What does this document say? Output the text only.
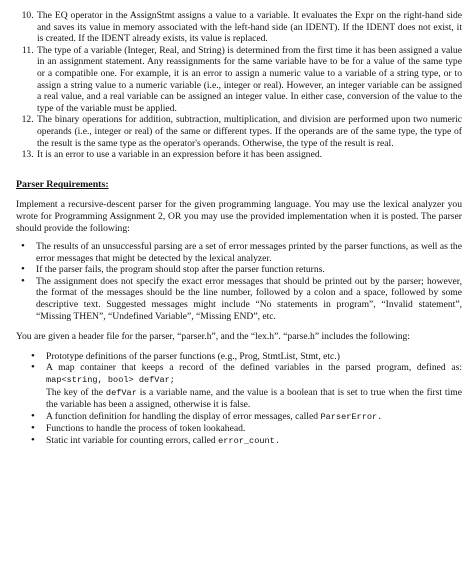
10. The EQ operator in the AssignStmt assigns a value to a variable. It evaluates the Expr on the right-hand side and saves its value in memory associated with the left-hand side (an IDENT). If the IDENT does not exist, it is created. If the IDENT already exists, its value is replaced.
11. The type of a variable (Integer, Real, and String) is determined from the first time it has been assigned a value in an assignment statement. Any reassignments for the same variable have to be for a value of the same type or a compatible one. For example, it is an error to assign a numeric value to a variable of a string type, or to assign a string value to a numeric variable (i.e., integer or real). However, an integer variable can be assigned a real value, and a real variable can be assigned an integer value. In either case, conversion of the value to the type of the variable must be applied.
12. The binary operations for addition, subtraction, multiplication, and division are performed upon two numeric operands (i.e., integer or real) of the same or different types. If the operands are of the same type, the type of the result is the same type as the operator's operands. Otherwise, the type of the result is real.
13. It is an error to use a variable in an expression before it has been assigned.
Parser Requirements:

Implement a recursive-descent parser for the given programming language. You may use the lexical analyzer you wrote for Programming Assignment 2, OR you may use the provided implementation when it is posted. The parser should provide the following:

• The results of an unsuccessful parsing are a set of error messages printed by the parser functions, as well as the error messages that might be detected by the lexical analyzer.
• If the parser fails, the program should stop after the parser function returns.
• The assignment does not specify the exact error messages that should be printed out by the parser; however, the format of the messages should be the line number, followed by a colon and a space, followed by some descriptive text. Suggested messages might include “No statements in program”, “Invalid statement”, “Missing THEN”, “Undefined Variable”, “Missing END”, etc.

You are given a header file for the parser, “parser.h”, and the “lex.h”. “parse.h” includes the following:

• Prototype definitions of the parser functions (e.g., Prog, StmtList, Stmt, etc.)
• A map container that keeps a record of the defined variables in the parsed program, defined as: map<string, bool> defVar;
The key of the defVar is a variable name, and the value is a boolean that is set to true when the first time the variable has been a assigned, otherwise it is false.
• A function definition for handling the display of error messages, called ParserError.
• Functions to handle the process of token lookahead.
• Static int variable for counting errors, called error_count.
